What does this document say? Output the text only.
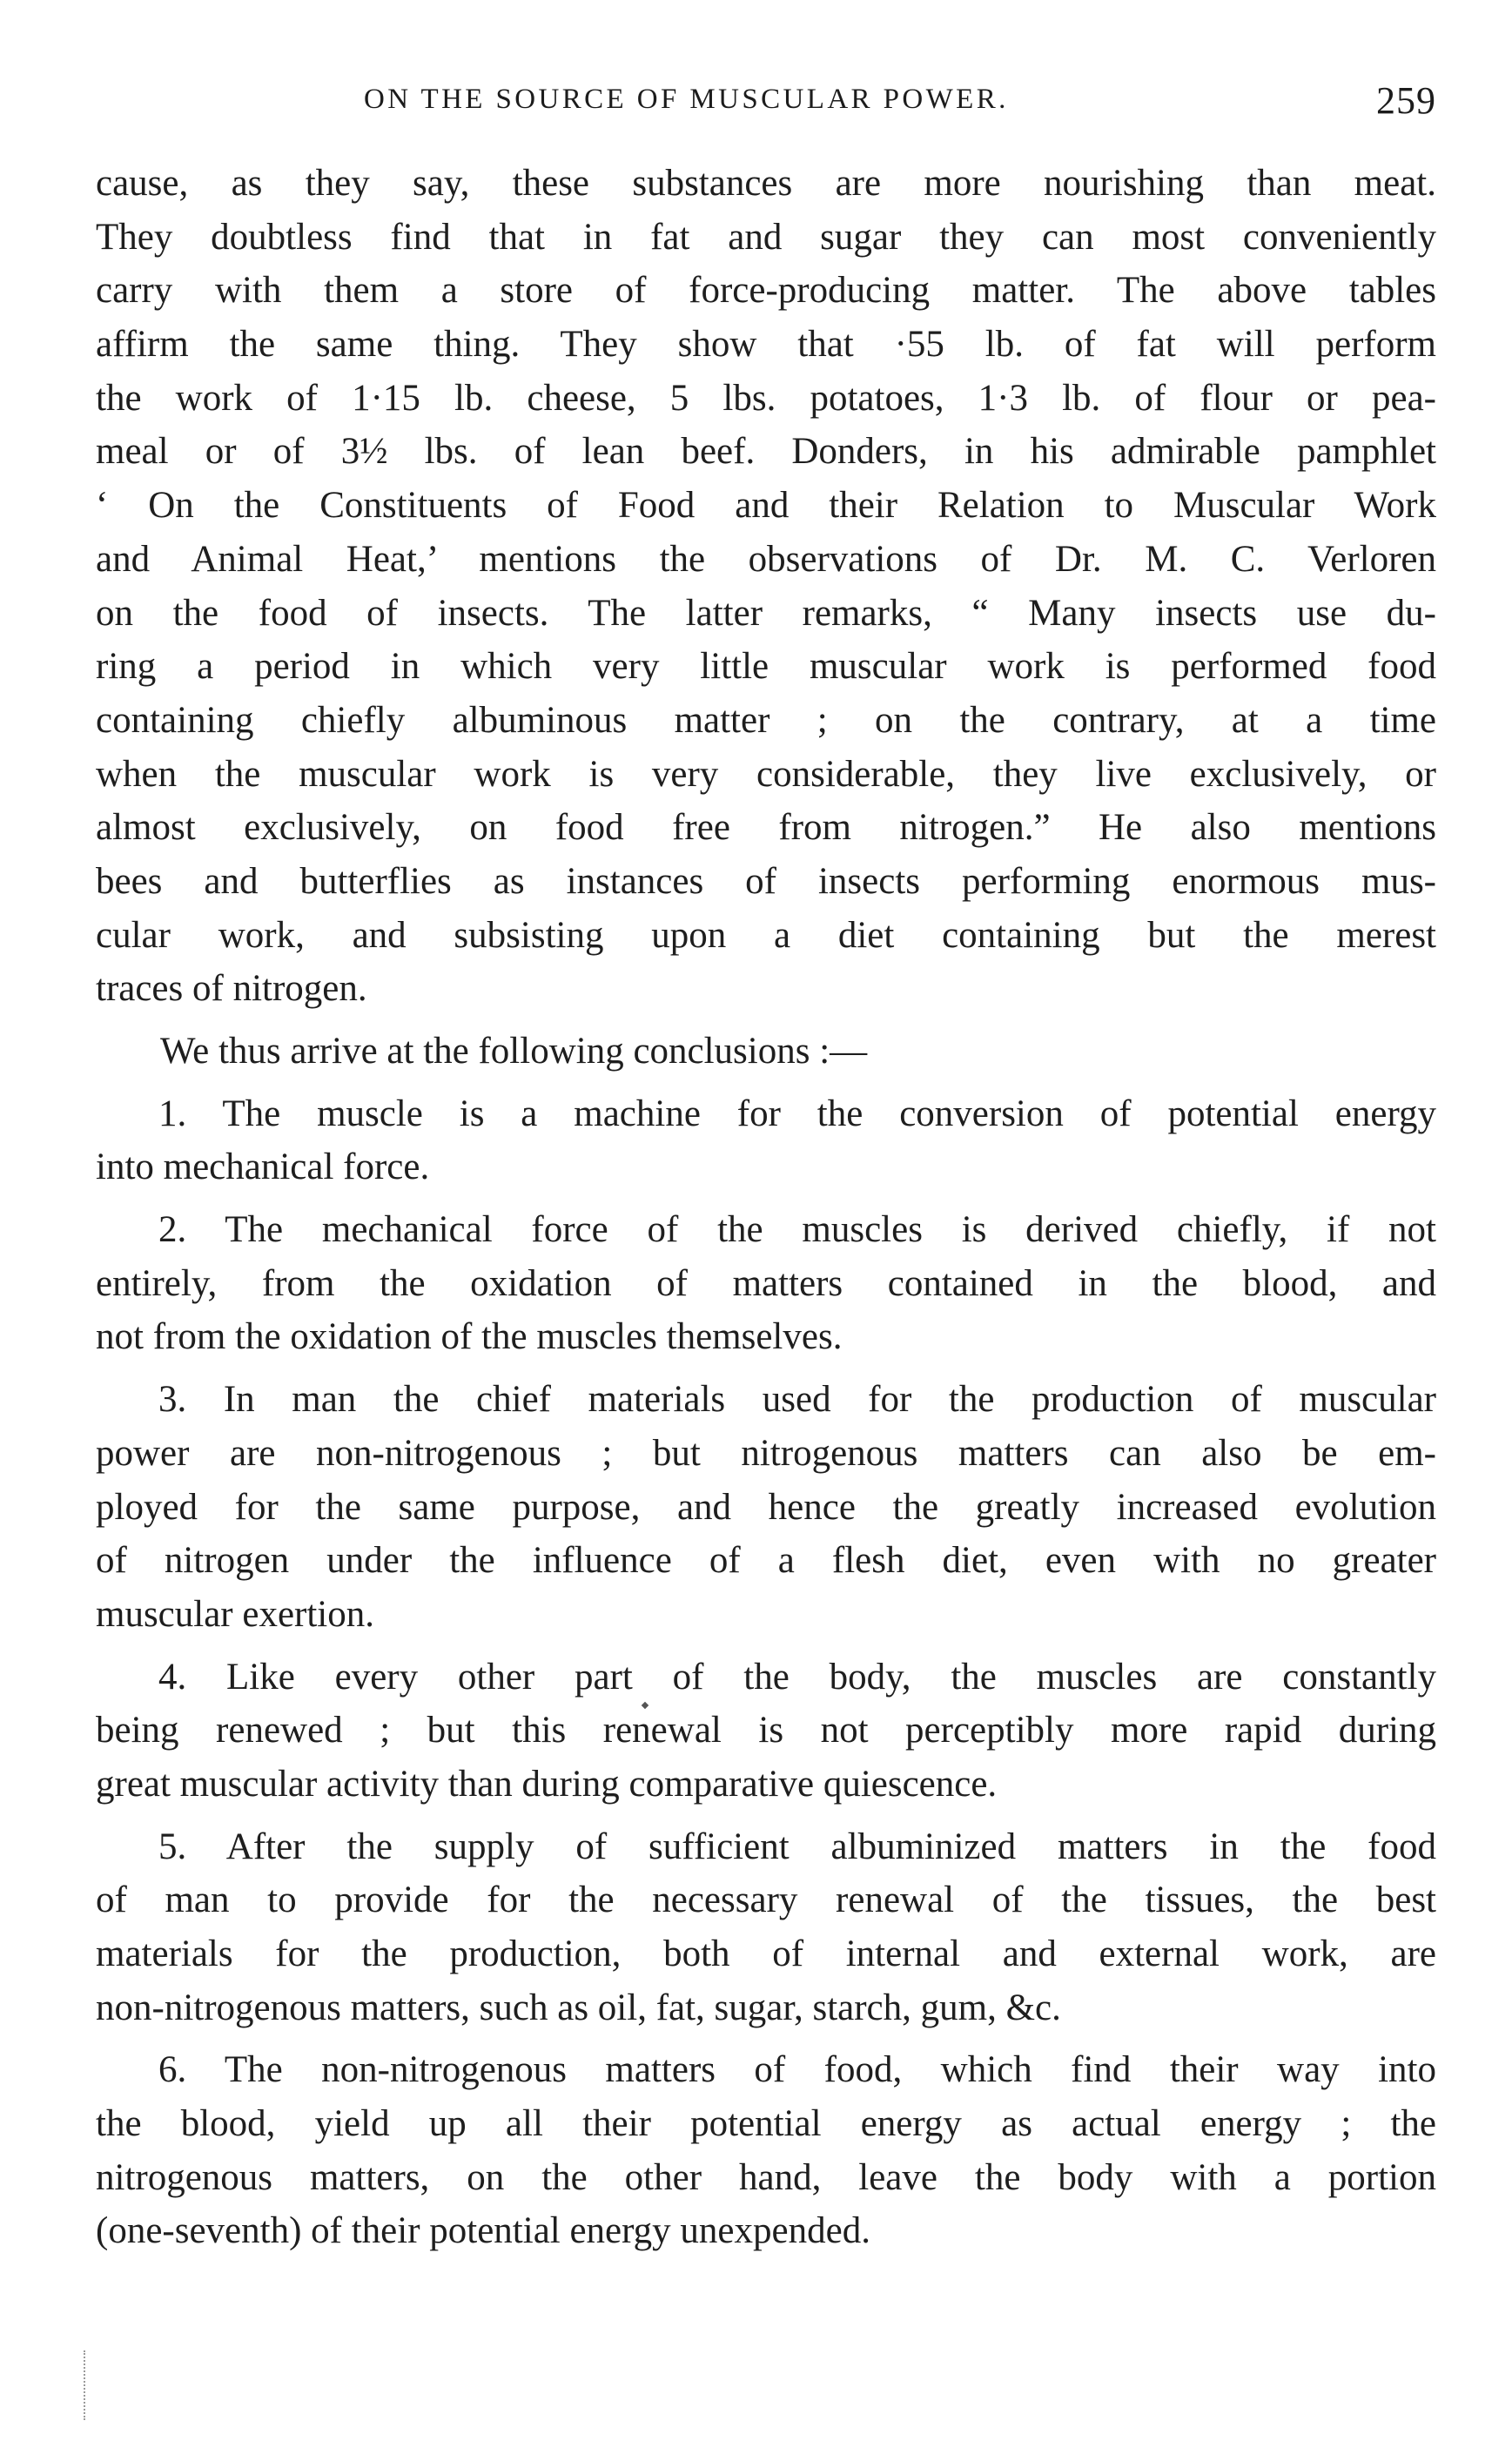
ON THE SOURCE OF MUSCULAR POWER.	259
cause, as they say, these substances are more nourishing than meat.
They doubtless find that in fat and sugar they can most conveniently
carry with them a store of force-producing matter. The above tables
affirm the same thing. They show that ·55 lb. of fat will perform
the work of 1·15 lb. cheese, 5 lbs. potatoes, 1·3 lb. of flour or pea-
meal or of 3½ lbs. of lean beef. Donders, in his admirable pamphlet
‘ On the Constituents of Food and their Relation to Muscular Work
and Animal Heat,’ mentions the observations of Dr. M. C. Verloren
on the food of insects. The latter remarks, “ Many insects use du-
ring a period in which very little muscular work is performed food
containing chiefly albuminous matter ; on the contrary, at a time
when the muscular work is very considerable, they live exclusively, or
almost exclusively, on food free from nitrogen.” He also mentions
bees and butterflies as instances of insects performing enormous mus-
cular work, and subsisting upon a diet containing but the merest
traces of nitrogen.
We thus arrive at the following conclusions :—
1. The muscle is a machine for the conversion of potential energy
into mechanical force.
2. The mechanical force of the muscles is derived chiefly, if not
entirely, from the oxidation of matters contained in the blood, and
not from the oxidation of the muscles themselves.
3. In man the chief materials used for the production of muscular
power are non-nitrogenous ; but nitrogenous matters can also be em-
ployed for the same purpose, and hence the greatly increased evolution
of nitrogen under the influence of a flesh diet, even with no greater
muscular exertion.
4. Like every other part of the body, the muscles are constantly
being renewed ; but this renewal is not perceptibly more rapid during
great muscular activity than during comparative quiescence.
5. After the supply of sufficient albuminized matters in the food
of man to provide for the necessary renewal of the tissues, the best
materials for the production, both of internal and external work, are
non-nitrogenous matters, such as oil, fat, sugar, starch, gum, &c.
6. The non-nitrogenous matters of food, which find their way into
the blood, yield up all their potential energy as actual energy ; the
nitrogenous matters, on the other hand, leave the body with a portion
(one-seventh) of their potential energy unexpended.
